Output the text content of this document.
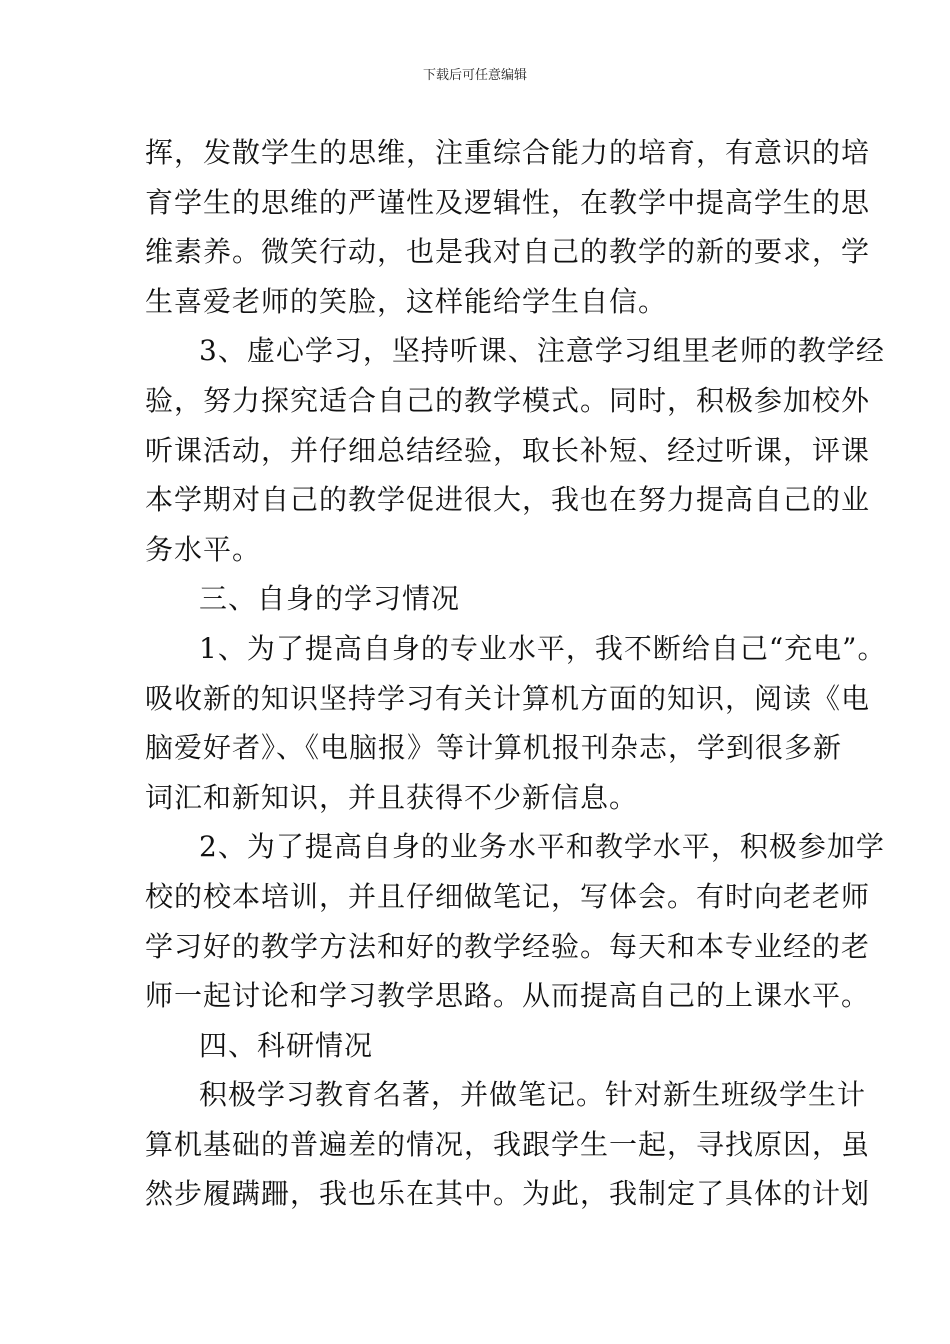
下载后可任意编辑
挥，发散学生的思维，注重综合能力的培育，有意识的培
育学生的思维的严谨性及逻辑性，在教学中提高学生的思
维素养。微笑行动，也是我对自己的教学的新的要求，学
生喜爱老师的笑脸，这样能给学生自信。
3、虚心学习，坚持听课、注意学习组里老师的教学经
验，努力探究适合自己的教学模式。同时，积极参加校外
听课活动，并仔细总结经验，取长补短、经过听课，评课
本学期对自己的教学促进很大，我也在努力提高自己的业
务水平。
三、自身的学习情况
1、为了提高自身的专业水平，我不断给自己“充电”。
吸收新的知识坚持学习有关计算机方面的知识，阅读《电
脑爱好者》、《电脑报》等计算机报刊杂志，学到很多新
词汇和新知识，并且获得不少新信息。
2、为了提高自身的业务水平和教学水平，积极参加学
校的校本培训，并且仔细做笔记，写体会。有时向老老师
学习好的教学方法和好的教学经验。每天和本专业经的老
师一起讨论和学习教学思路。从而提高自己的上课水平。
四、科研情况
积极学习教育名著，并做笔记。针对新生班级学生计
算机基础的普遍差的情况，我跟学生一起，寻找原因，虽
然步履蹒跚，我也乐在其中。为此，我制定了具体的计划
